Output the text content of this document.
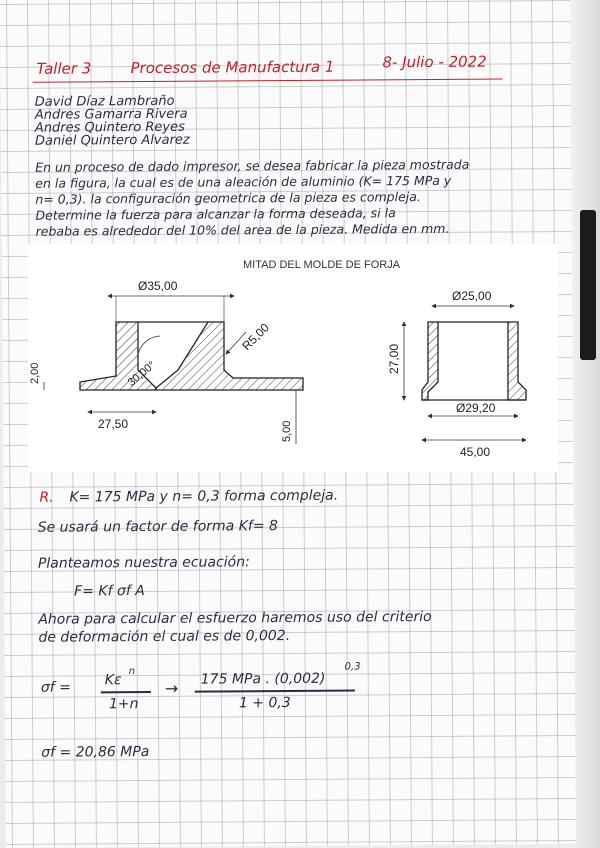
Taller 3	Procesos de Manufactura 1	8- Julio - 2022
David Díaz Lambraño
Andres Gamarra Rivera
Andres Quintero Reyes
Daniel Quintero Alvarez
En un proceso de dado impresor, se desea fabricar la pieza mostrada
en la figura, la cual es de una aleación de aluminio (K= 175 MPa y
n= 0,3). la configuración geometrica de la pieza es compleja.
Determine la fuerza para alcanzar la forma deseada, si la
rebaba es alrededor del 10% del area de la pieza. Medida en mm.
R. K= 175 MPa y n= 0,3 forma compleja.
Se usará un factor de forma Kf= 8
Planteamos nuestra ecuación:
F= Kf σf A
Ahora para calcular el esfuerzo haremos uso del criterio
de deformación el cual es de 0,002.
σf = Kε
n
1+n
→ 175 MPa . (0,002)
0,3
1 + 0,3
σf = 20,86 MPa
MITAD DEL MOLDE DE FORJA
Ø35,00
R5,00
30,00°
2,00
27,50	5,00
Ø25,00
27,00
Ø29,20
45,00
